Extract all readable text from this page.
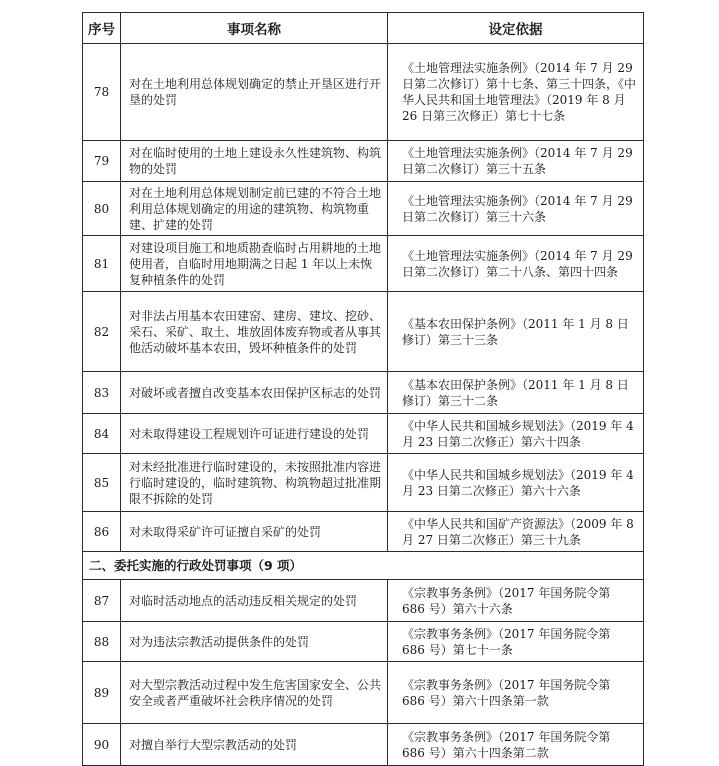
序号	事项名称	设定依据
78	对在土地利用总体规划确定的禁止开垦区进行开垦的处罚	《土地管理法实施条例》（2014 年 7 月 29 日第二次修订）第十七条、第三十四条，《中华人民共和国土地管理法》（2019 年 8 月 26 日第三次修正）第七十七条
79	对在临时使用的土地上建设永久性建筑物、构筑物的处罚	《土地管理法实施条例》（2014 年 7 月 29 日第二次修订）第三十五条
80	对在土地利用总体规划制定前已建的不符合土地利用总体规划确定的用途的建筑物、构筑物重建、扩建的处罚	《土地管理法实施条例》（2014 年 7 月 29 日第二次修订）第三十六条
81	对建设项目施工和地质勘查临时占用耕地的土地使用者，自临时用地期满之日起 1 年以上未恢复种植条件的处罚	《土地管理法实施条例》（2014 年 7 月 29 日第二次修订）第二十八条、第四十四条
82	对非法占用基本农田建窑、建房、建坟、挖砂、采石、采矿、取土、堆放固体废弃物或者从事其他活动破坏基本农田，毁坏种植条件的处罚	《基本农田保护条例》（2011 年 1 月 8 日修订）第三十三条
83	对破坏或者擅自改变基本农田保护区标志的处罚	《基本农田保护条例》（2011 年 1 月 8 日修订）第三十二条
84	对未取得建设工程规划许可证进行建设的处罚	《中华人民共和国城乡规划法》（2019 年 4 月 23 日第二次修正）第六十四条
85	对未经批准进行临时建设的，未按照批准内容进行临时建设的，临时建筑物、构筑物超过批准期限不拆除的处罚	《中华人民共和国城乡规划法》（2019 年 4 月 23 日第二次修正）第六十六条
86	对未取得采矿许可证擅自采矿的处罚	《中华人民共和国矿产资源法》（2009 年 8 月 27 日第二次修正）第三十九条
二、委托实施的行政处罚事项（9 项）		
87	对临时活动地点的活动违反相关规定的处罚	《宗教事务条例》（2017 年国务院令第 686 号）第六十六条
88	对为违法宗教活动提供条件的处罚	《宗教事务条例》（2017 年国务院令第 686 号）第七十一条
89	对大型宗教活动过程中发生危害国家安全、公共安全或者严重破坏社会秩序情况的处罚	《宗教事务条例》（2017 年国务院令第 686 号）第六十四条第一款
90	对擅自举行大型宗教活动的处罚	《宗教事务条例》（2017 年国务院令第 686 号）第六十四条第二款
